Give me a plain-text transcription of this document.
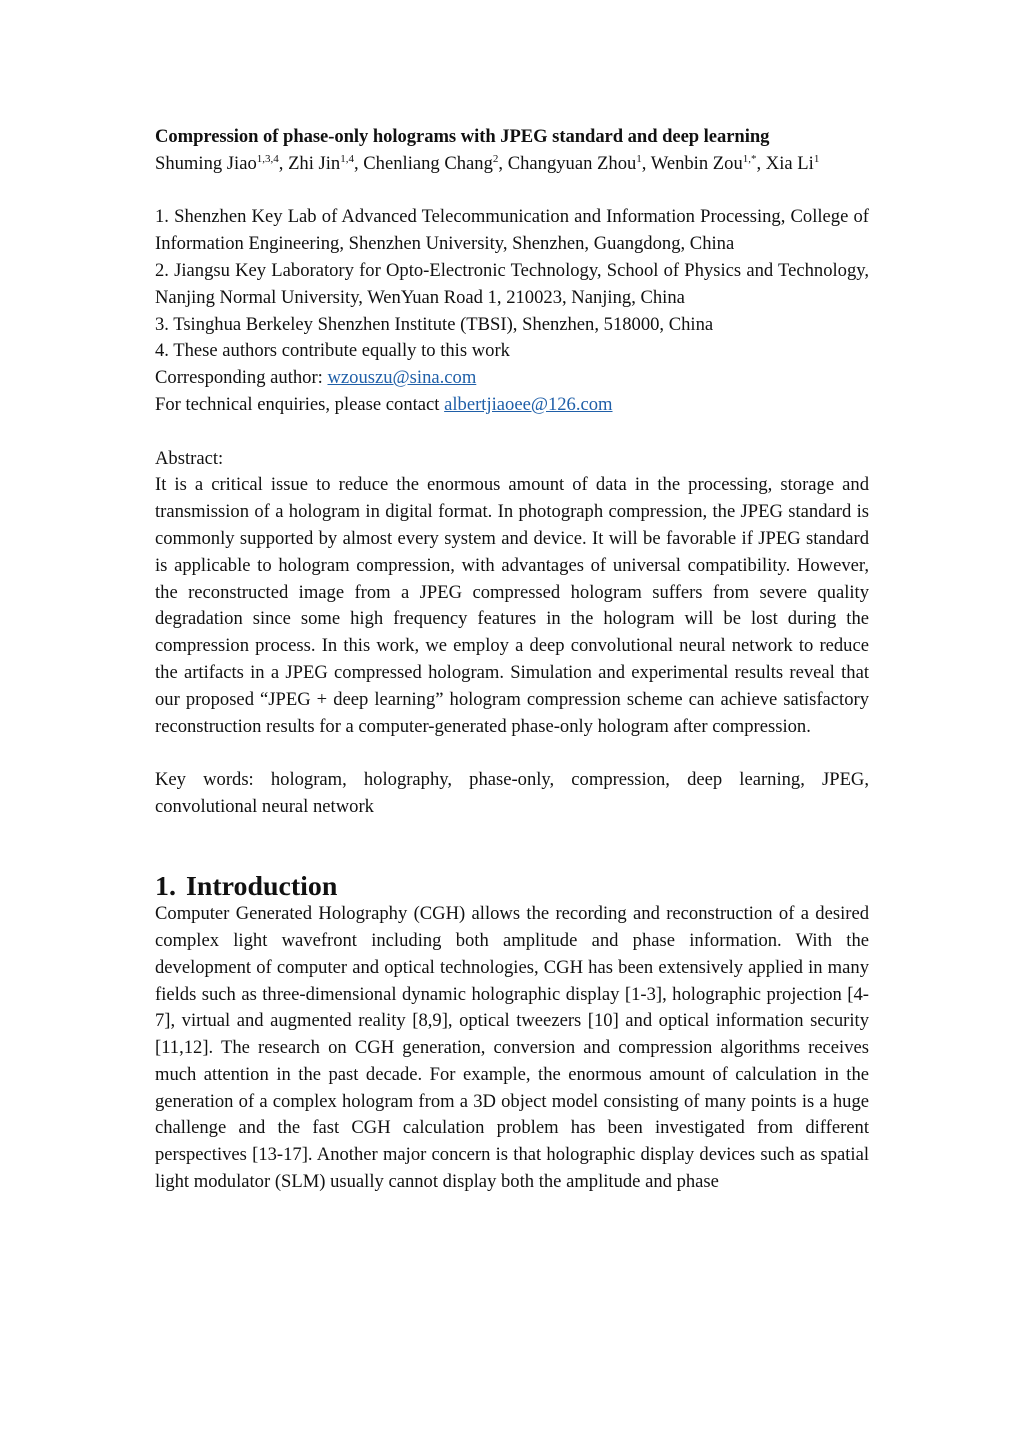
Compression of phase-only holograms with JPEG standard and deep learning

Shuming Jiao$^{1,3,4}$, Zhi Jin$^{1,4}$, Chenliang Chang$^2$, Changyuan Zhou$^1$, Wenbin Zou$^{1,*}$, Xia Li$^1$

1. Shenzhen Key Lab of Advanced Telecommunication and Information Processing, College of Information Engineering, Shenzhen University, Shenzhen, Guangdong, China

2. Jiangsu Key Laboratory for Opto-Electronic Technology, School of Physics and Technology, Nanjing Normal University, WenYuan Road 1, 210023, Nanjing, China

3. Tsinghua Berkeley Shenzhen Institute (TBSI), Shenzhen, 518000, China

4. These authors contribute equally to this work

Corresponding author: wzouszu@sina.com

For technical enquiries, please contact albertjiaoee@126.com

Abstract:

It is a critical issue to reduce the enormous amount of data in the processing, storage and transmission of a hologram in digital format. In photograph compression, the JPEG standard is commonly supported by almost every system and device. It will be favorable if JPEG standard is applicable to hologram compression, with advantages of universal compatibility. However, the reconstructed image from a JPEG compressed hologram suffers from severe quality degradation since some high frequency features in the hologram will be lost during the compression process. In this work, we employ a deep convolutional neural network to reduce the artifacts in a JPEG compressed hologram. Simulation and experimental results reveal that our proposed “JPEG + deep learning” hologram compression scheme can achieve satisfactory reconstruction results for a computer-generated phase-only hologram after compression.

Key words: hologram, holography, phase-only, compression, deep learning, JPEG, convolutional neural network

1. Introduction

Computer Generated Holography (CGH) allows the recording and reconstruction of a desired complex light wavefront including both amplitude and phase information. With the development of computer and optical technologies, CGH has been extensively applied in many fields such as three-dimensional dynamic holographic display [1-3], holographic projection [4-7], virtual and augmented reality [8,9], optical tweezers [10] and optical information security [11,12]. The research on CGH generation, conversion and compression algorithms receives much attention in the past decade. For example, the enormous amount of calculation in the generation of a complex hologram from a 3D object model consisting of many points is a huge challenge and the fast CGH calculation problem has been investigated from different perspectives [13-17]. Another major concern is that holographic display devices such as spatial light modulator (SLM) usually cannot display both the amplitude and phase
